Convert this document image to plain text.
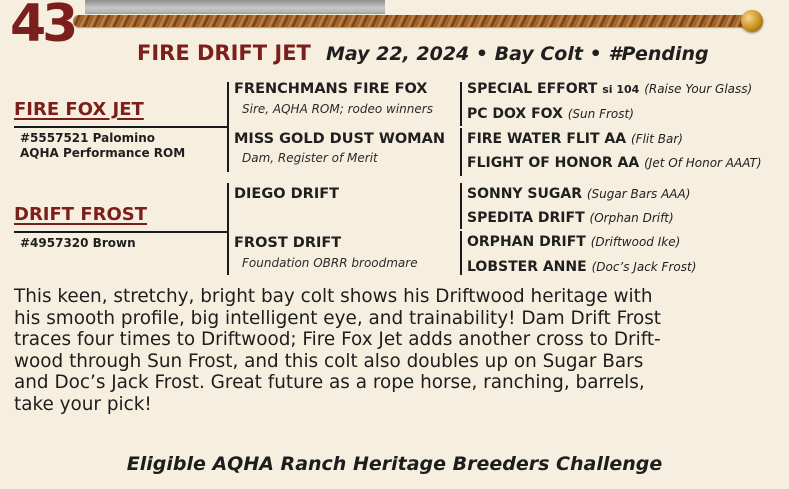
43	FIRE DRIFT JET May 22, 2024 • Bay Colt • #Pending
FIRE FOX JET
#5557521 Palomino
AQHA Performance ROM
DRIFT FROST
#4957320 Brown
FRENCHMANS FIRE FOX
Sire, AQHA ROM; rodeo winners
MISS GOLD DUST WOMAN
Dam, Register of Merit
DIEGO DRIFT
FROST DRIFT
Foundation OBRR broodmare
SPECIAL EFFORT si 104 (Raise Your Glass)
PC DOX FOX (Sun Frost)
FIRE WATER FLIT AA (Flit Bar)
FLIGHT OF HONOR AA (Jet Of Honor AAAT)
SONNY SUGAR (Sugar Bars AAA)
SPEDITA DRIFT (Orphan Drift)
ORPHAN DRIFT (Driftwood Ike)
LOBSTER ANNE (Doc’s Jack Frost)

This keen, stretchy, bright bay colt shows his Driftwood heritage with

his smooth profile, big intelligent eye, and trainability! Dam Drift Frost

traces four times to Driftwood; Fire Fox Jet adds another cross to Drift-

wood through Sun Frost, and this colt also doubles up on Sugar Bars

and Doc’s Jack Frost. Great future as a rope horse, ranching, barrels,

take your pick!

Eligible AQHA Ranch Heritage Breeders Challenge
